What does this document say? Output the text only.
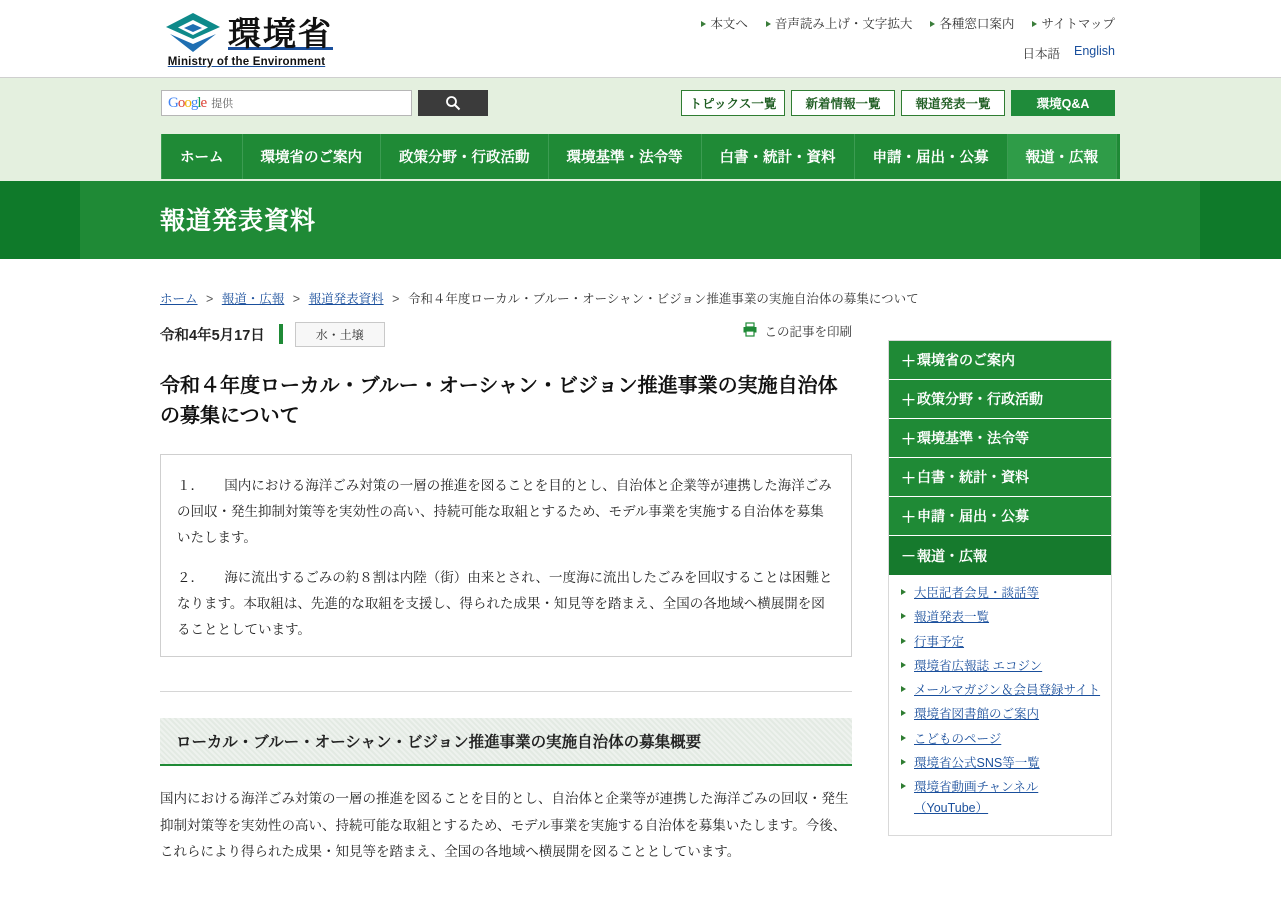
環境省
Ministry of the Environment
本文へ	音声読み上げ・文字拡大	各種窓口案内	サイトマップ
日本語 English
Google 提供	トピックス一覧	新着情報一覧	報道発表一覧	環境Q&A
ホーム	環境省のご案内	政策分野・行政活動	環境基準・法令等	白書・統計・資料	申請・届出・公募	報道・広報
報道発表資料
ホーム > 報道・広報 > 報道発表資料 > 令和４年度ローカル・ブルー・オーシャン・ビジョン推進事業の実施自治体の募集について
令和4年5月17日	水・土壌	この記事を印刷
令和４年度ローカル・ブルー・オーシャン・ビジョン推進事業の実施自治体の募集について

１．　　国内における海洋ごみ対策の一層の推進を図ることを目的とし、自治体と企業等が連携した海洋ごみの回収・発生抑制対策等を実効性の高い、持続可能な取組とするため、モデル事業を実施する自治体を募集いたします。

２．　　海に流出するごみの約８割は内陸（街）由来とされ、一度海に流出したごみを回収することは困難となります。本取組は、先進的な取組を支援し、得られた成果・知見等を踏まえ、全国の各地域へ横展開を図ることとしています。

ローカル・ブルー・オーシャン・ビジョン推進事業の実施自治体の募集概要

国内における海洋ごみ対策の一層の推進を図ることを目的とし、自治体と企業等が連携した海洋ごみの回収・発生抑制対策等を実効性の高い、持続可能な取組とするため、モデル事業を実施する自治体を募集いたします。今後、これらにより得られた成果・知見等を踏まえ、全国の各地域へ横展開を図ることとしています。

＋ 環境省のご案内
＋ 政策分野・行政活動
＋ 環境基準・法令等
＋ 白書・統計・資料
＋ 申請・届出・公募
－ 報道・広報
大臣記者会見・談話等
報道発表一覧
行事予定
環境省広報誌 エコジン
メールマガジン＆会員登録サイト
環境省図書館のご案内
こどものページ
環境省公式SNS等一覧
環境省動画チャンネル（YouTube）
